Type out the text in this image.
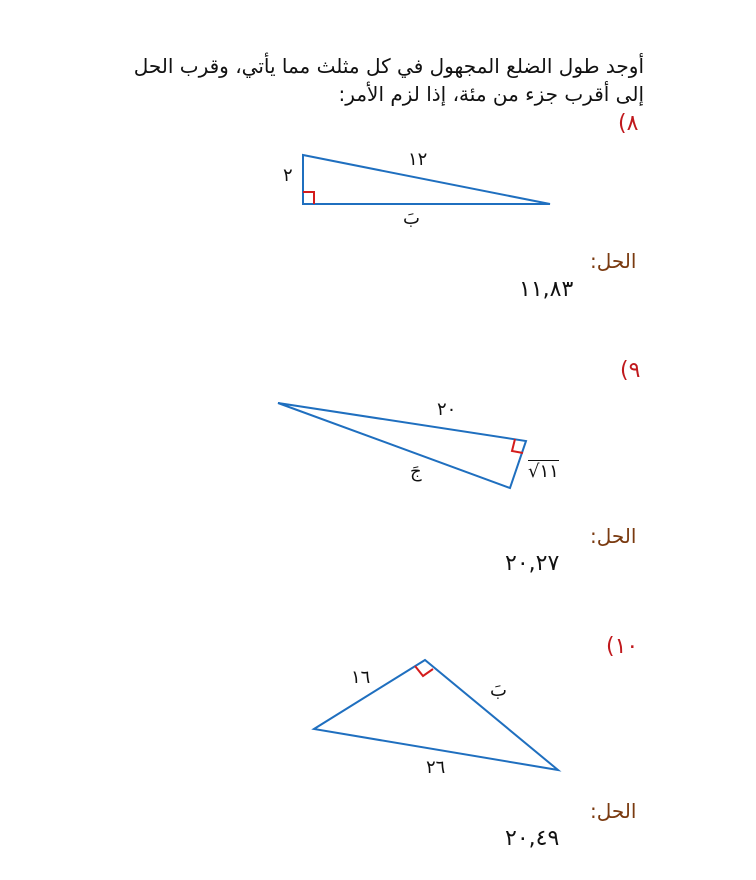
أوجد طول الضلع المجهول في كل مثلث مما يأتي، وقرب الحل
إلى أقرب جزء من مئة، إذا لزم الأمر:
٨)
٢
١٢
بَ
الحل:
١١,٨٣
٩)
٢٠
جَ	√١١
الحل:
٢٠,٢٧
١٠)
١٦
بَ
٢٦
الحل:
٢٠,٤٩
